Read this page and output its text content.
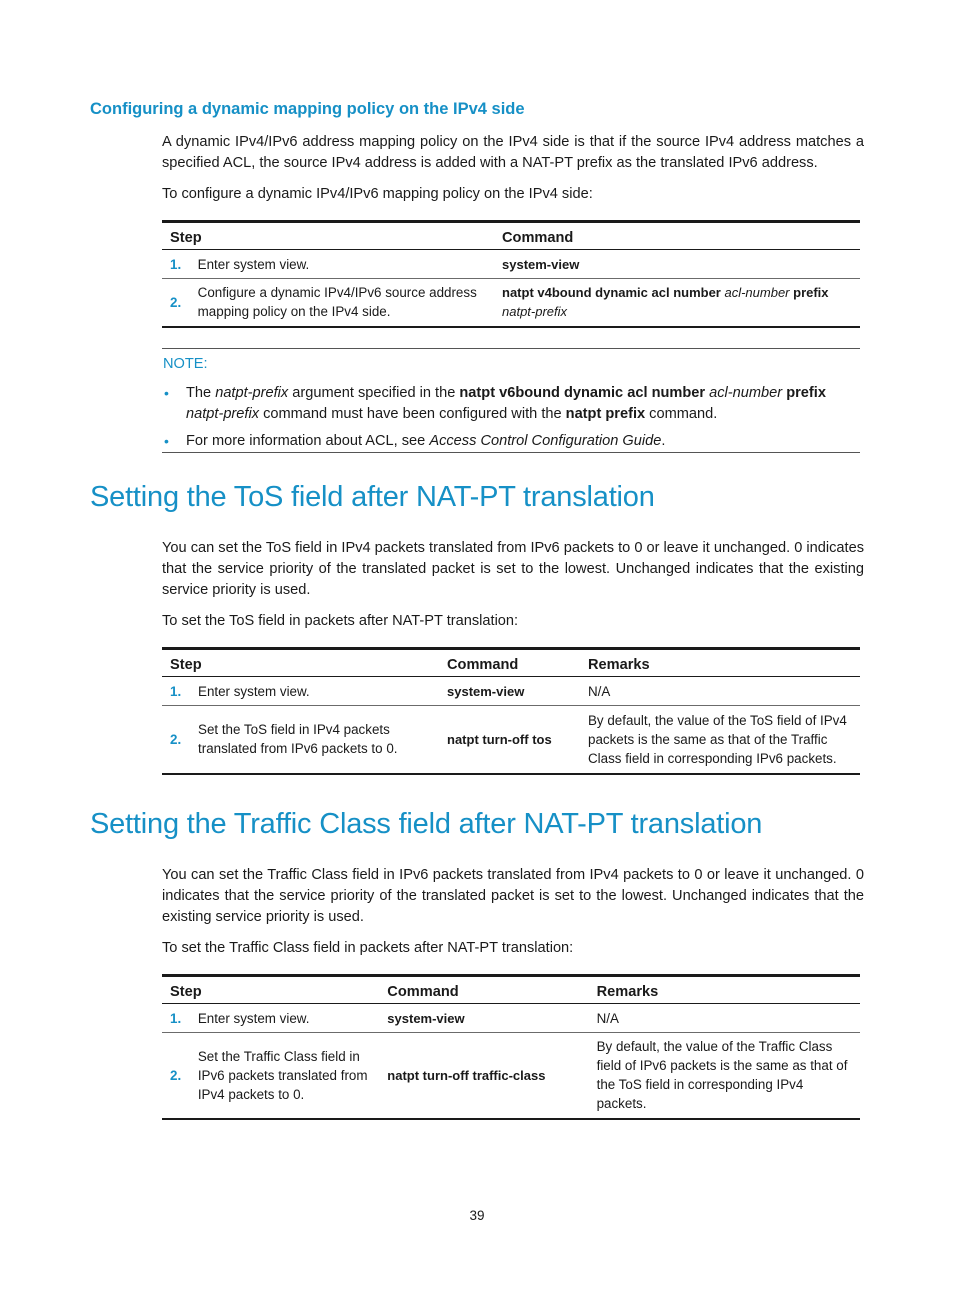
Configuring a dynamic mapping policy on the IPv4 side

A dynamic IPv4/IPv6 address mapping policy on the IPv4 side is that if the source IPv4 address matches a specified ACL, the source IPv4 address is added with a NAT-PT prefix as the translated IPv6 address.

To configure a dynamic IPv4/IPv6 mapping policy on the IPv4 side:

Step		Command
1.	Enter system view.	system-view
2.	Configure a dynamic IPv4/IPv6 source address mapping policy on the IPv4 side.	natpt v4bound dynamic acl number acl-number prefix
natpt-prefix

NOTE:

• The natpt-prefix argument specified in the natpt v6bound dynamic acl number acl-number prefix
natpt-prefix command must have been configured with the natpt prefix command.
• For more information about ACL, see Access Control Configuration Guide.
Setting the ToS field after NAT-PT translation

You can set the ToS field in IPv4 packets translated from IPv6 packets to 0 or leave it unchanged. 0 indicates that the service priority of the translated packet is set to the lowest. Unchanged indicates that the existing service priority is used.

To set the ToS field in packets after NAT-PT translation:

Step		Command	Remarks
1.	Enter system view.	system-view	N/A
2.	Set the ToS field in IPv4 packets translated from IPv6 packets to 0.	natpt turn-off tos	By default, the value of the ToS field of IPv4 packets is the same as that of the Traffic Class field in corresponding IPv6 packets.
Setting the Traffic Class field after NAT-PT translation

You can set the Traffic Class field in IPv6 packets translated from IPv4 packets to 0 or leave it unchanged. 0 indicates that the service priority of the translated packet is set to the lowest. Unchanged indicates that the existing service priority is used.

To set the Traffic Class field in packets after NAT-PT translation:

Step		Command	Remarks
1.	Enter system view.	system-view	N/A
2.	Set the Traffic Class field in IPv6 packets translated from IPv4 packets to 0.	natpt turn-off traffic-class	By default, the value of the Traffic Class field of IPv6 packets is the same as that of the ToS field in corresponding IPv4 packets.

39
